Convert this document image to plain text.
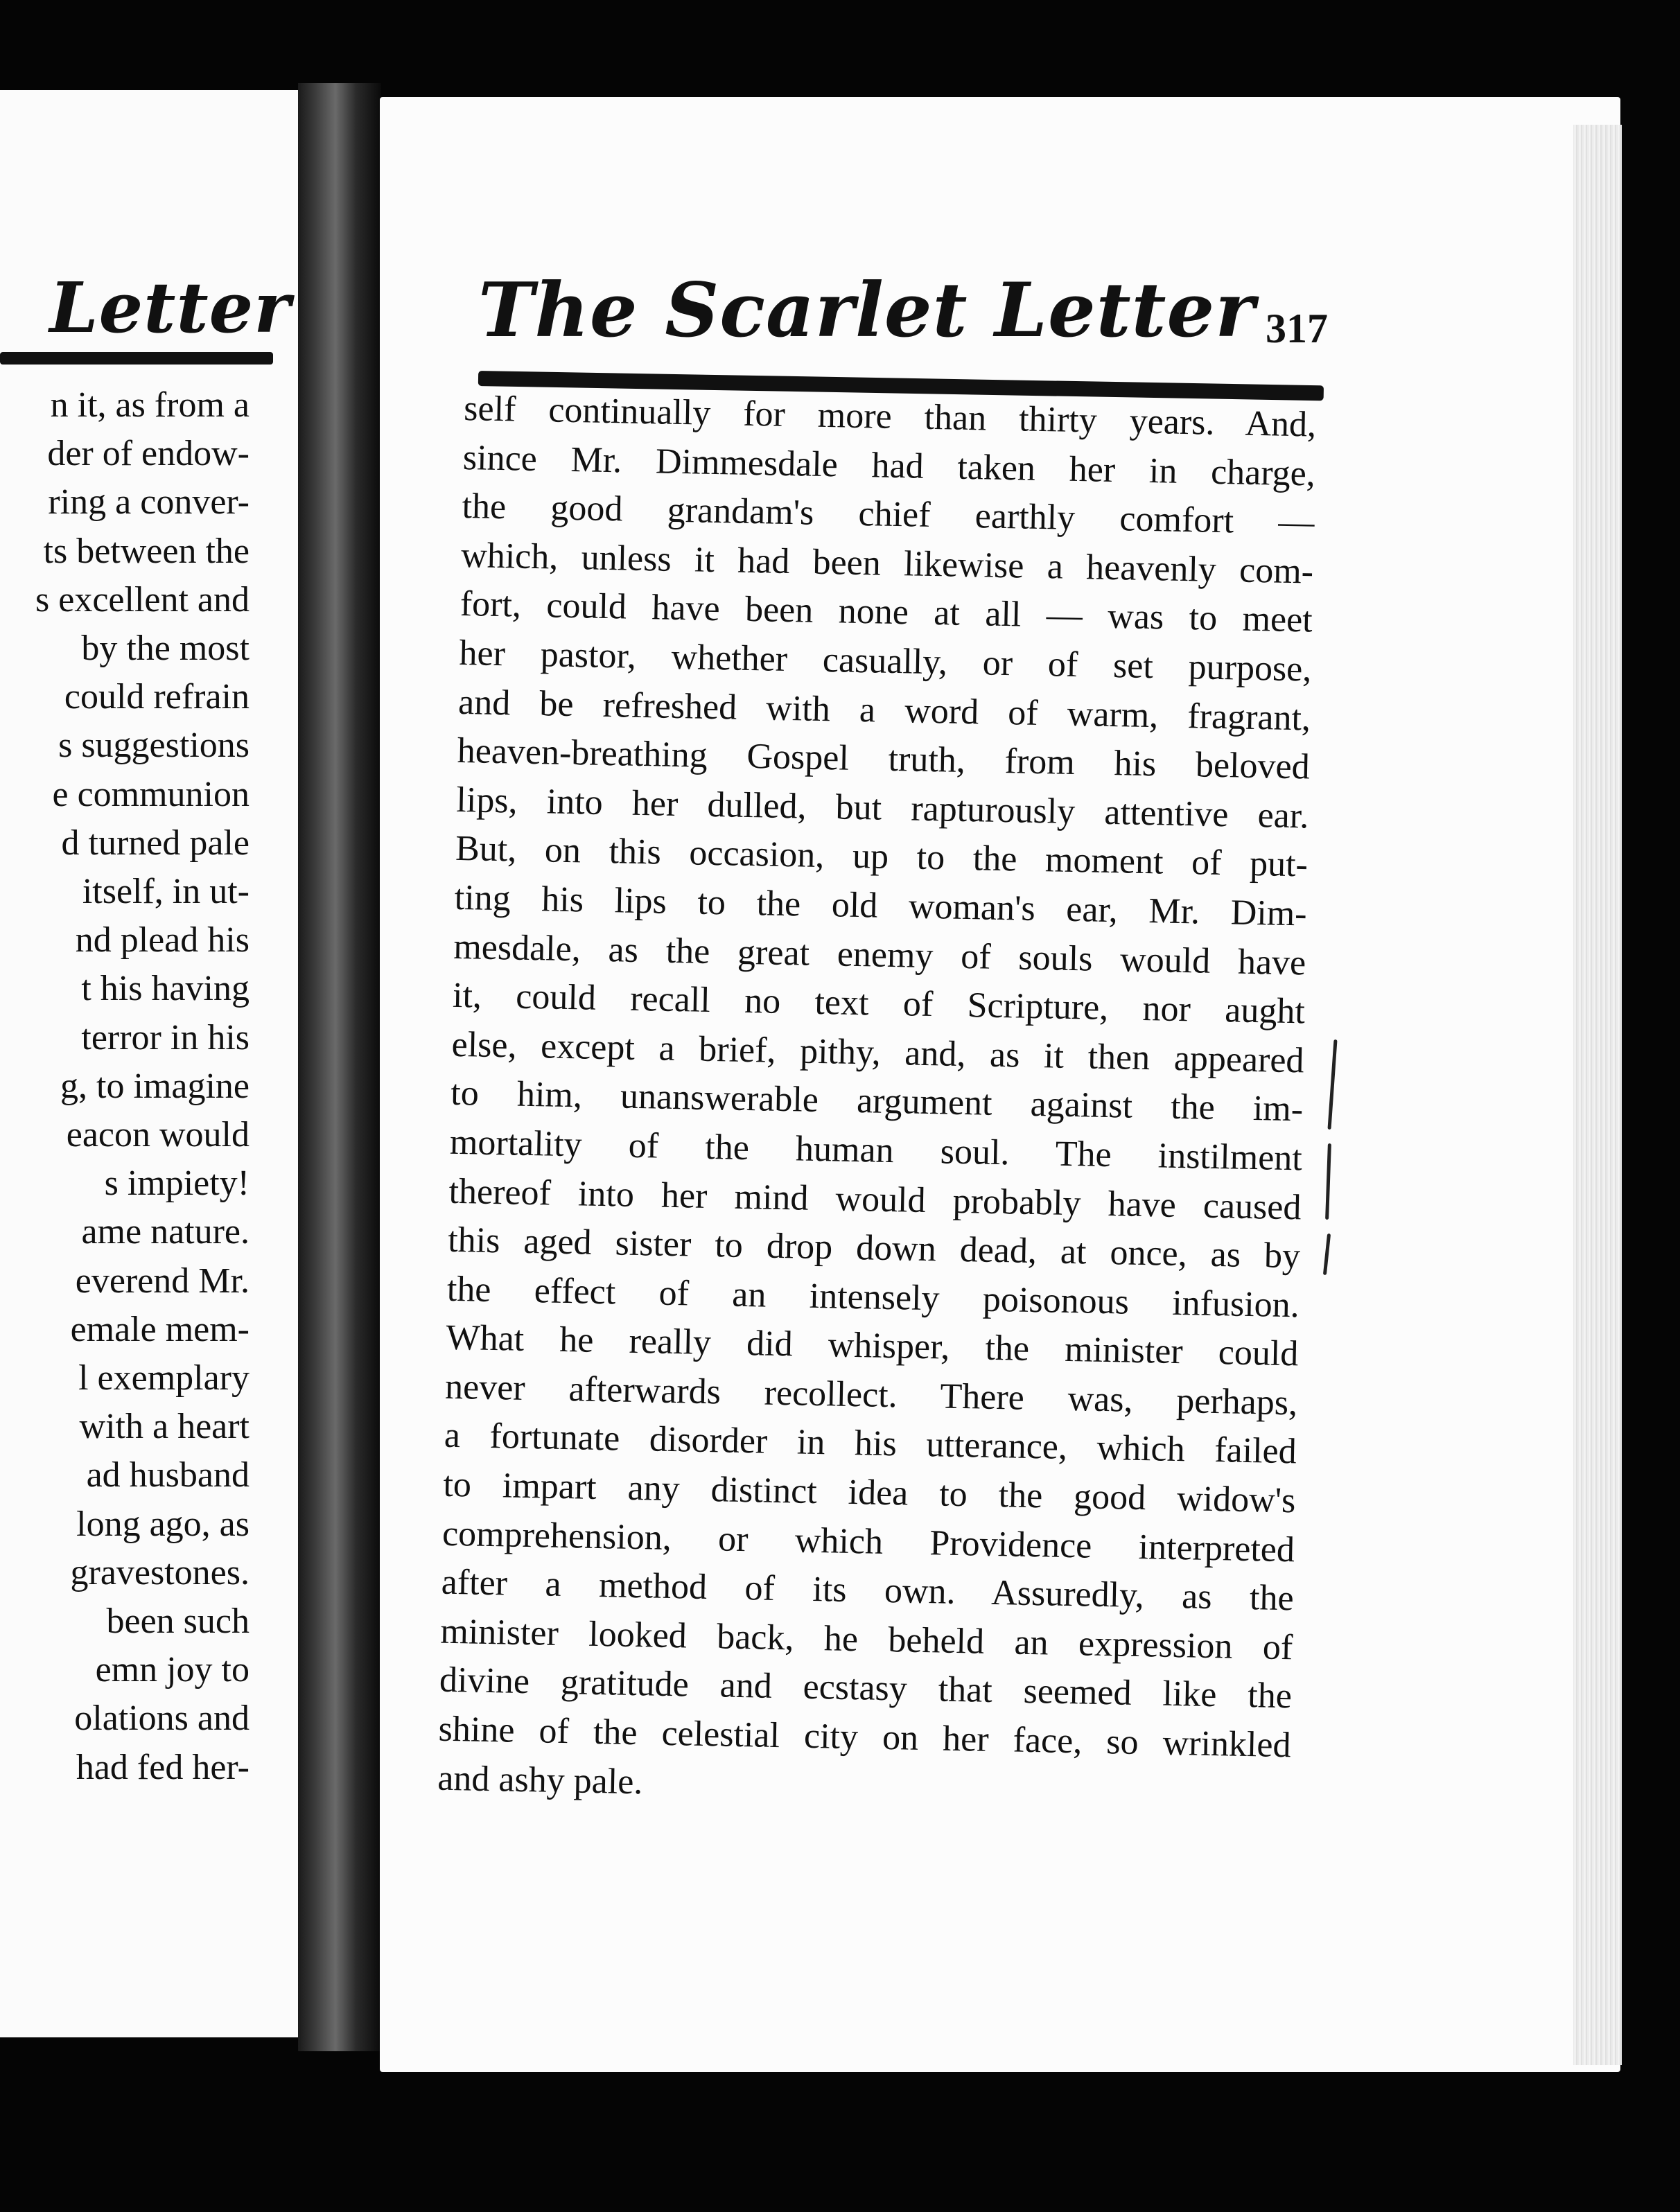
Letter
n it, as from a
der of endow-
ring a conver-
ts between the
s excellent and
by the most
could refrain
s suggestions
e communion
d turned pale
itself, in ut-
nd plead his
t his having
terror in his
g, to imagine
eacon would
s impiety!
ame nature.
everend Mr.
emale mem-
l exemplary
with a heart
ad husband
long ago, as
gravestones.
been such
emn joy to
olations and
had fed her-
The Scarlet Letter 317
self continually for more than thirty years. And,
since Mr. Dimmesdale had taken her in charge,
the good grandam's chief earthly comfort —
which, unless it had been likewise a heavenly com-
fort, could have been none at all — was to meet
her pastor, whether casually, or of set purpose,
and be refreshed with a word of warm, fragrant,
heaven-breathing Gospel truth, from his beloved
lips, into her dulled, but rapturously attentive ear.
But, on this occasion, up to the moment of put-
ting his lips to the old woman's ear, Mr. Dim-
mesdale, as the great enemy of souls would have
it, could recall no text of Scripture, nor aught
else, except a brief, pithy, and, as it then appeared
to him, unanswerable argument against the im-
mortality of the human soul. The instilment
thereof into her mind would probably have caused
this aged sister to drop down dead, at once, as by
the effect of an intensely poisonous infusion.
What he really did whisper, the minister could
never afterwards recollect. There was, perhaps,
a fortunate disorder in his utterance, which failed
to impart any distinct idea to the good widow's
comprehension, or which Providence interpreted
after a method of its own. Assuredly, as the
minister looked back, he beheld an expression of
divine gratitude and ecstasy that seemed like the
shine of the celestial city on her face, so wrinkled
and ashy pale.
